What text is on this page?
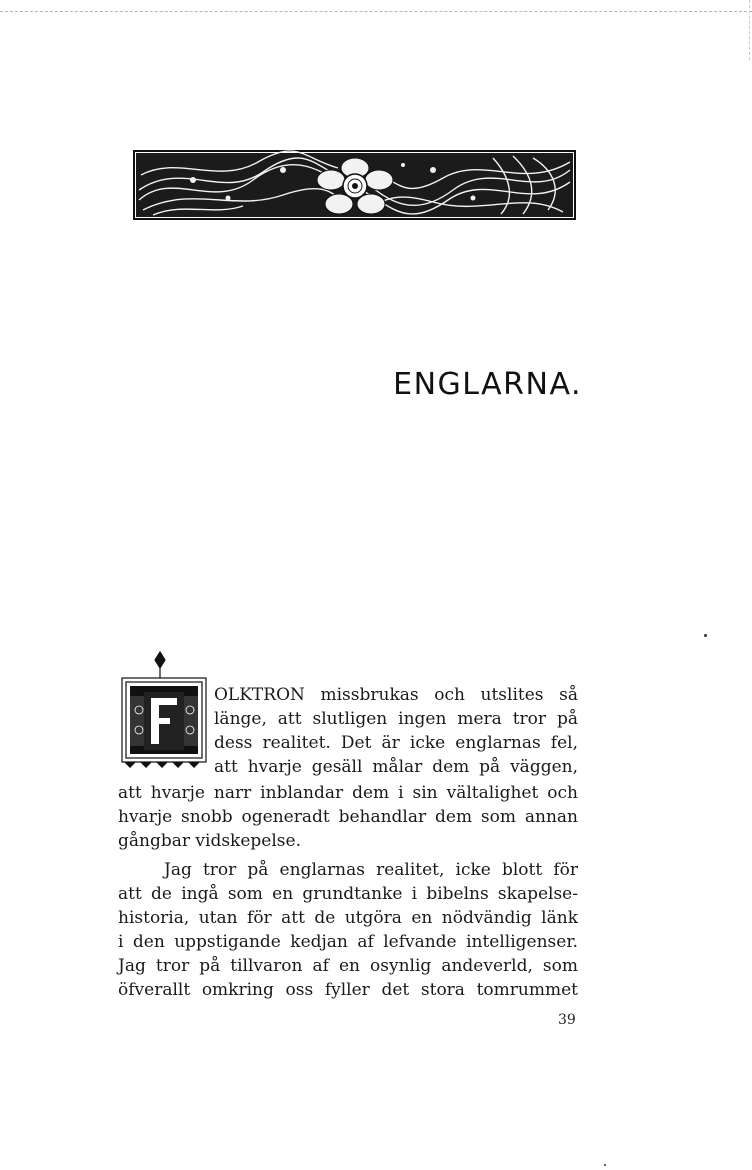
ENGLARNA.
OLKTRON missbrukas och utslites så
länge, att slutligen ingen mera tror på
dess realitet. Det är icke englarnas fel,
att hvarje gesäll målar dem på väggen,
att hvarje narr inblandar dem i sin vältalighet och
hvarje snobb ogeneradt behandlar dem som annan
gångbar vidskepelse.
Jag tror på englarnas realitet, icke blott för
att de ingå som en grundtanke i bibelns skapelse-
historia, utan för att de utgöra en nödvändig länk
i den uppstigande kedjan af lefvande intelligenser.
Jag tror på tillvaron af en osynlig andeverld, som
öfverallt omkring oss fyller det stora tomrummet
39
